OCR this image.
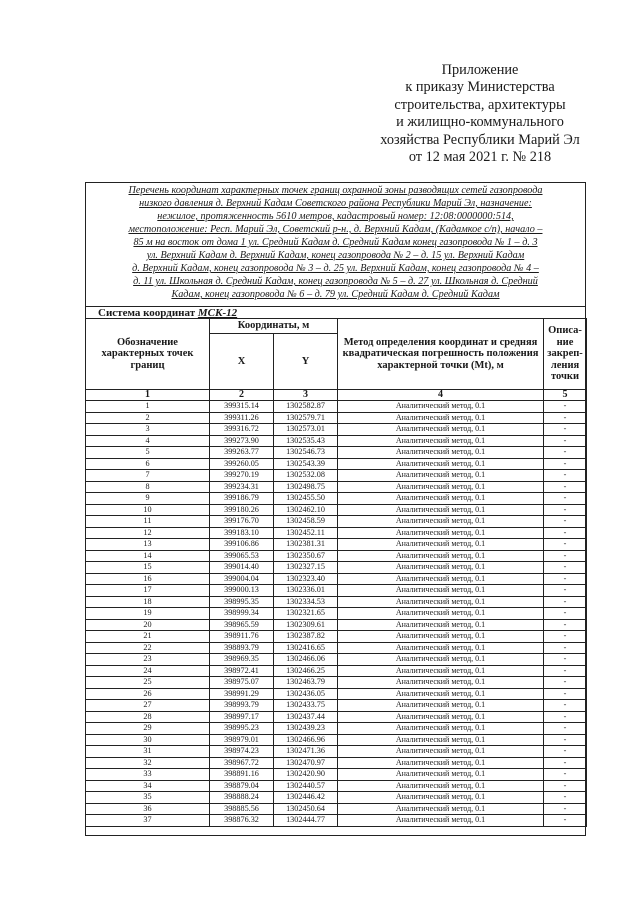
Приложение
к приказу Министерства
строительства, архитектуры
и жилищно-коммунального
хозяйства Республики Марий Эл
от 12 мая 2021 г. № 218
Перечень координат характерных точек границ охранной зоны разводящих сетей газопровода
низкого давления д. Верхний Кадам Советского района Республики Марий Эл, назначение:
нежилое, протяженность 5610 метров, кадастровый номер: 12:08:0000000:514,
местоположение: Респ. Марий Эл, Советский р-н., д. Верхний Кадам, (Кадамкое с/п), начало –
85 м на восток от дома 1 ул. Средний Кадам д. Средний Кадам конец газопровода № 1 – д. 3
ул. Верхний Кадам д. Верхний Кадам, конец газопровода № 2 – д. 15 ул. Верхний Кадам
д. Верхний Кадам, конец газопровода № 3 – д. 25 ул. Верхний Кадам, конец газопровода № 4 –
д. 11 ул. Школьная д. Средний Кадам, конец газопровода № 5 – д. 27 ул. Школьная д. Средний
Кадам, конец газопровода № 6 – д. 79 ул. Средний Кадам д. Средний Кадам
Система координат МСК-12
Обозначение характерных точек границ	Координаты, м		Метод определения координат и средняя квадратическая погрешность положения характерной точки (Mt), м	Описа-ние закреп-ления точки
	X	Y		
1	2	3	4	5
1	399315.14	1302582.87	Аналитический метод, 0.1	-
2	399311.26	1302579.71	Аналитический метод, 0.1	-
3	399316.72	1302573.01	Аналитический метод, 0.1	-
4	399273.90	1302535.43	Аналитический метод, 0.1	-
5	399263.77	1302546.73	Аналитический метод, 0.1	-
6	399260.05	1302543.39	Аналитический метод, 0.1	-
7	399270.19	1302532.08	Аналитический метод, 0.1	-
8	399234.31	1302498.75	Аналитический метод, 0.1	-
9	399186.79	1302455.50	Аналитический метод, 0.1	-
10	399180.26	1302462.10	Аналитический метод, 0.1	-
11	399176.70	1302458.59	Аналитический метод, 0.1	-
12	399183.10	1302452.11	Аналитический метод, 0.1	-
13	399106.86	1302381.31	Аналитический метод, 0.1	-
14	399065.53	1302350.67	Аналитический метод, 0.1	-
15	399014.40	1302327.15	Аналитический метод, 0.1	-
16	399004.04	1302323.40	Аналитический метод, 0.1	-
17	399000.13	1302336.01	Аналитический метод, 0.1	-
18	398995.35	1302334.53	Аналитический метод, 0.1	-
19	398999.34	1302321.65	Аналитический метод, 0.1	-
20	398965.59	1302309.61	Аналитический метод, 0.1	-
21	398911.76	1302387.82	Аналитический метод, 0.1	-
22	398893.79	1302416.65	Аналитический метод, 0.1	-
23	398969.35	1302466.06	Аналитический метод, 0.1	-
24	398972.41	1302466.25	Аналитический метод, 0.1	-
25	398975.07	1302463.79	Аналитический метод, 0.1	-
26	398991.29	1302436.05	Аналитический метод, 0.1	-
27	398993.79	1302433.75	Аналитический метод, 0.1	-
28	398997.17	1302437.44	Аналитический метод, 0.1	-
29	398995.23	1302439.23	Аналитический метод, 0.1	-
30	398979.01	1302466.96	Аналитический метод, 0.1	-
31	398974.23	1302471.36	Аналитический метод, 0.1	-
32	398967.72	1302470.97	Аналитический метод, 0.1	-
33	398891.16	1302420.90	Аналитический метод, 0.1	-
34	398879.04	1302440.57	Аналитический метод, 0.1	-
35	398888.24	1302446.42	Аналитический метод, 0.1	-
36	398885.56	1302450.64	Аналитический метод, 0.1	-
37	398876.32	1302444.77	Аналитический метод, 0.1	-
